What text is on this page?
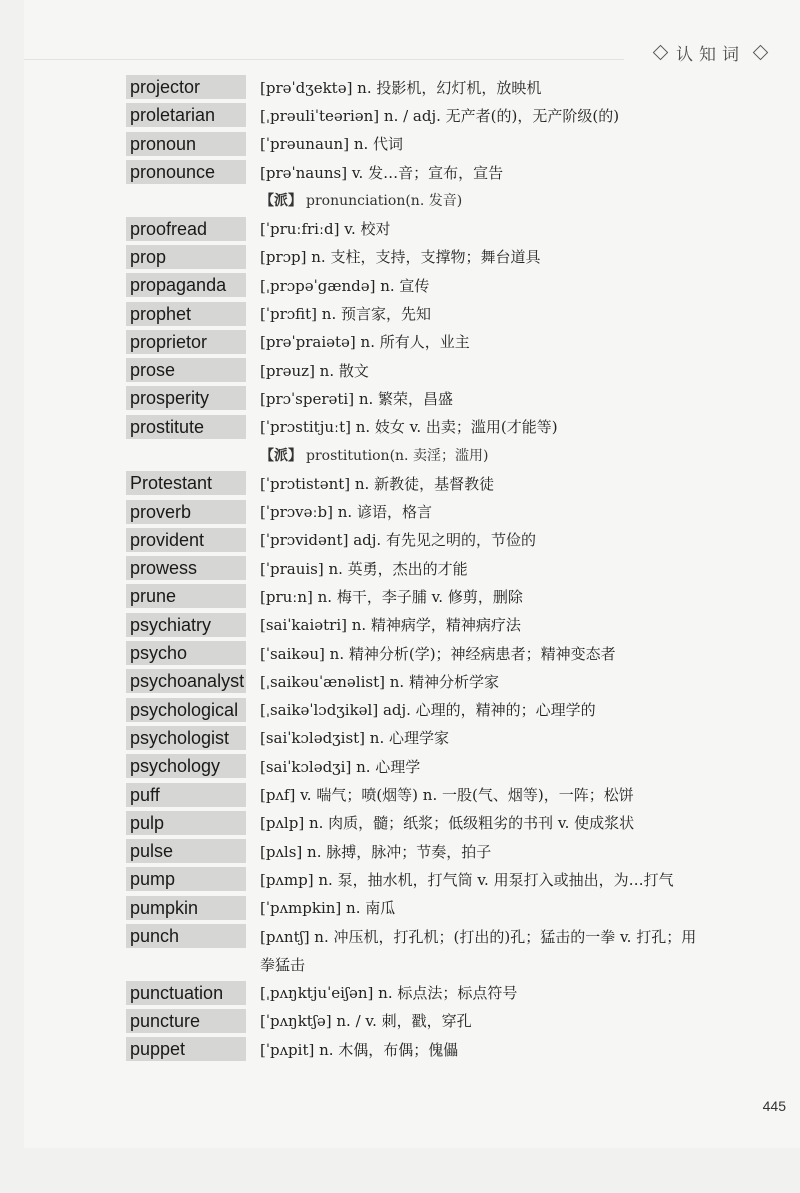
认知词
projector	[prəˈdʒektə] n. 投影机，幻灯机，放映机
proletarian	[ˌprəuliˈteəriən] n. / adj. 无产者(的)，无产阶级(的)
pronoun	[ˈprəunaun] n. 代词
pronounce	[prəˈnauns] v. 发…音；宣布，宣告
【派】 pronunciation(n. 发音)
proofread	[ˈpruːfriːd] v. 校对
prop	[prɔp] n. 支柱，支持，支撑物；舞台道具
propaganda	[ˌprɔpəˈgændə] n. 宣传
prophet	[ˈprɔfit] n. 预言家，先知
proprietor	[prəˈpraiətə] n. 所有人，业主
prose	[prəuz] n. 散文
prosperity	[prɔˈsperəti] n. 繁荣，昌盛
prostitute	[ˈprɔstitjuːt] n. 妓女 v. 出卖；滥用(才能等)
【派】 prostitution(n. 卖淫；滥用)
Protestant	[ˈprɔtistənt] n. 新教徒，基督教徒
proverb	[ˈprɔvəːb] n. 谚语，格言
provident	[ˈprɔvidənt] adj. 有先见之明的，节俭的
prowess	[ˈprauis] n. 英勇，杰出的才能
prune	[pruːn] n. 梅干，李子脯 v. 修剪，删除
psychiatry	[saiˈkaiətri] n. 精神病学，精神病疗法
psycho	[ˈsaikəu] n. 精神分析(学)；神经病患者；精神变态者
psychoanalyst [ˌsaikəuˈænəlist] n. 精神分析学家
psychological	[ˌsaikəˈlɔdʒikəl] adj. 心理的，精神的；心理学的
psychologist	[saiˈkɔlədʒist] n. 心理学家
psychology	[saiˈkɔlədʒi] n. 心理学
puff	[pʌf] v. 喘气；喷(烟等) n. 一股(气、烟等)，一阵；松饼
pulp	[pʌlp] n. 肉质，髓；纸浆；低级粗劣的书刊 v. 使成浆状
pulse	[pʌls] n. 脉搏，脉冲；节奏，拍子
pump	[pʌmp] n. 泵，抽水机，打气筒 v. 用泵打入或抽出，为…打气
pumpkin	[ˈpʌmpkin] n. 南瓜
punch	[pʌntʃ] n. 冲压机，打孔机；(打出的)孔；猛击的一拳 v. 打孔；用
拳猛击
punctuation	[ˌpʌŋktjuˈeiʃən] n. 标点法；标点符号
puncture	[ˈpʌŋktʃə] n. / v. 刺，戳，穿孔
puppet	[ˈpʌpit] n. 木偶，布偶；傀儡
445
